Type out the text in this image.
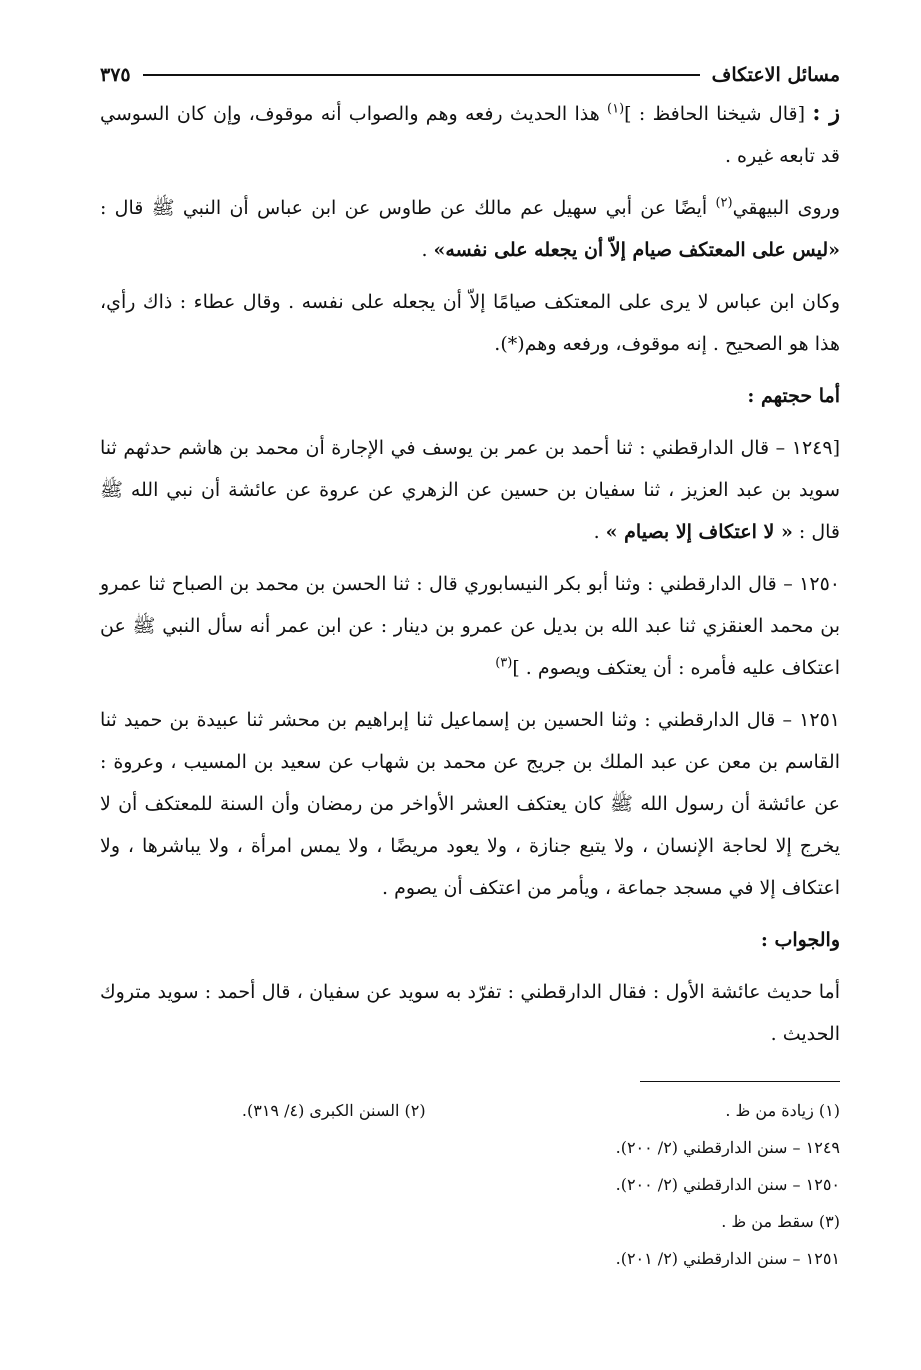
مسائل الاعتكاف
٣٧٥

ز : [قال شيخنا الحافظ : ]$^{(١)}$ هذا الحديث رفعه وهم والصواب أنه موقوف، وإن كان السوسي قد تابعه غيره .

وروى البيهقي$^{(٢)}$ أيضًا عن أبي سهيل عم مالك عن طاوس عن ابن عباس أن النبي ﷺ قال : «ليس على المعتكف صيام إلاّ أن يجعله على نفسه» .

وكان ابن عباس لا يرى على المعتكف صيامًا إلاّ أن يجعله على نفسه . وقال عطاء : ذاك رأي، هذا هو الصحيح . إنه موقوف، ورفعه وهم(*).

أما حجتهم :

[١٢٤٩ – قال الدارقطني : ثنا أحمد بن عمر بن يوسف في الإجارة أن محمد بن هاشم حدثهم ثنا سويد بن عبد العزيز ، ثنا سفيان بن حسين عن الزهري عن عروة عن عائشة أن نبي الله ﷺ قال : « لا اعتكاف إلا بصيام » .

١٢٥٠ – قال الدارقطني : وثنا أبو بكر النيسابوري قال : ثنا الحسن بن محمد بن الصباح ثنا عمرو بن محمد العنقزي ثنا عبد الله بن بديل عن عمرو بن دينار : عن ابن عمر أنه سأل النبي ﷺ عن اعتكاف عليه فأمره : أن يعتكف ويصوم . ]$^{(٣)}$

١٢٥١ – قال الدارقطني : وثنا الحسين بن إسماعيل ثنا إبراهيم بن محشر ثنا عبيدة بن حميد ثنا القاسم بن معن عن عبد الملك بن جريج عن محمد بن شهاب عن سعيد بن المسيب ، وعروة : عن عائشة أن رسول الله ﷺ كان يعتكف العشر الأواخر من رمضان وأن السنة للمعتكف أن لا يخرج إلا لحاجة الإنسان ، ولا يتبع جنازة ، ولا يعود مريضًا ، ولا يمس امرأة ، ولا يباشرها ، ولا اعتكاف إلا في مسجد جماعة ، ويأمر من اعتكف أن يصوم .

والجواب :

أما حديث عائشة الأول : فقال الدارقطني : تفرّد به سويد عن سفيان ، قال أحمد : سويد متروك الحديث .

(١) زيادة من ظ .
١٢٤٩ – سنن الدارقطني (٢/ ٢٠٠).
١٢٥٠ – سنن الدارقطني (٢/ ٢٠٠).
(٣) سقط من ظ .
١٢٥١ – سنن الدارقطني (٢/ ٢٠١).
(٢) السنن الكبرى (٤/ ٣١٩).
